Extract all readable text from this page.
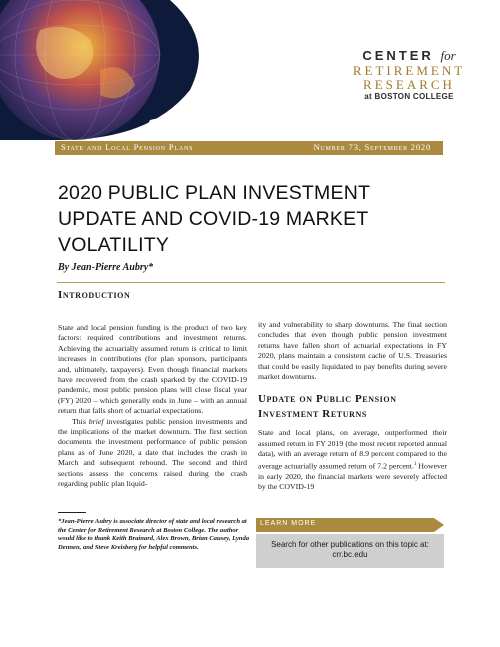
CENTER for
RETIREMENT
RESEARCH
at BOSTON COLLEGE
State and Local Pension Plans	Number 73, September 2020
2020 PUBLIC PLAN INVESTMENT UPDATE AND COVID-19 MARKET VOLATILITY
By Jean-Pierre Aubry*
Introduction

State and local pension funding is the product of two key factors: required contributions and investment returns. Achieving the actuarially assumed return is critical to limit increases in contributions (for plan sponsors, participants and, ultimately, taxpayers). Even though financial markets have recovered from the crash sparked by the COVID-19 pandemic, most public pension plans will close fiscal year (FY) 2020 – which generally ends in June – with an annual return that falls short of actuarial expectations.

This brief investigates public pension investments and the implications of the market downturn. The first section documents the investment performance of public pension plans as of June 2020, a date that includes the crash in March and subsequent rebound. The second and third sections assess the concerns raised during the crash regarding public plan liquid-

ity and vulnerability to sharp downturns. The final section concludes that even though public pension investment returns have fallen short of actuarial expectations in FY 2020, plans maintain a consistent cache of U.S. Treasuries that could be easily liquidated to pay benefits during severe market downturns.

Update on Public Pension Investment Returns

State and local plans, on average, outperformed their assumed return in FY 2019 (the most recent reported annual data), with an average return of 8.9 percent compared to the average actuarially assumed return of 7.2 percent.$^1$ However in early 2020, the financial markets were severely affected by the COVID-19

*Jean-Pierre Aubry is associate director of state and local research at the Center for Retirement Research at Boston College. The author would like to thank Keith Brainard, Alex Brown, Brian Causey, Lynda Dennen, and Steve Kreisberg for helpful comments.
LEARN MORE
Search for other publications on this topic at:
crr.bc.edu
